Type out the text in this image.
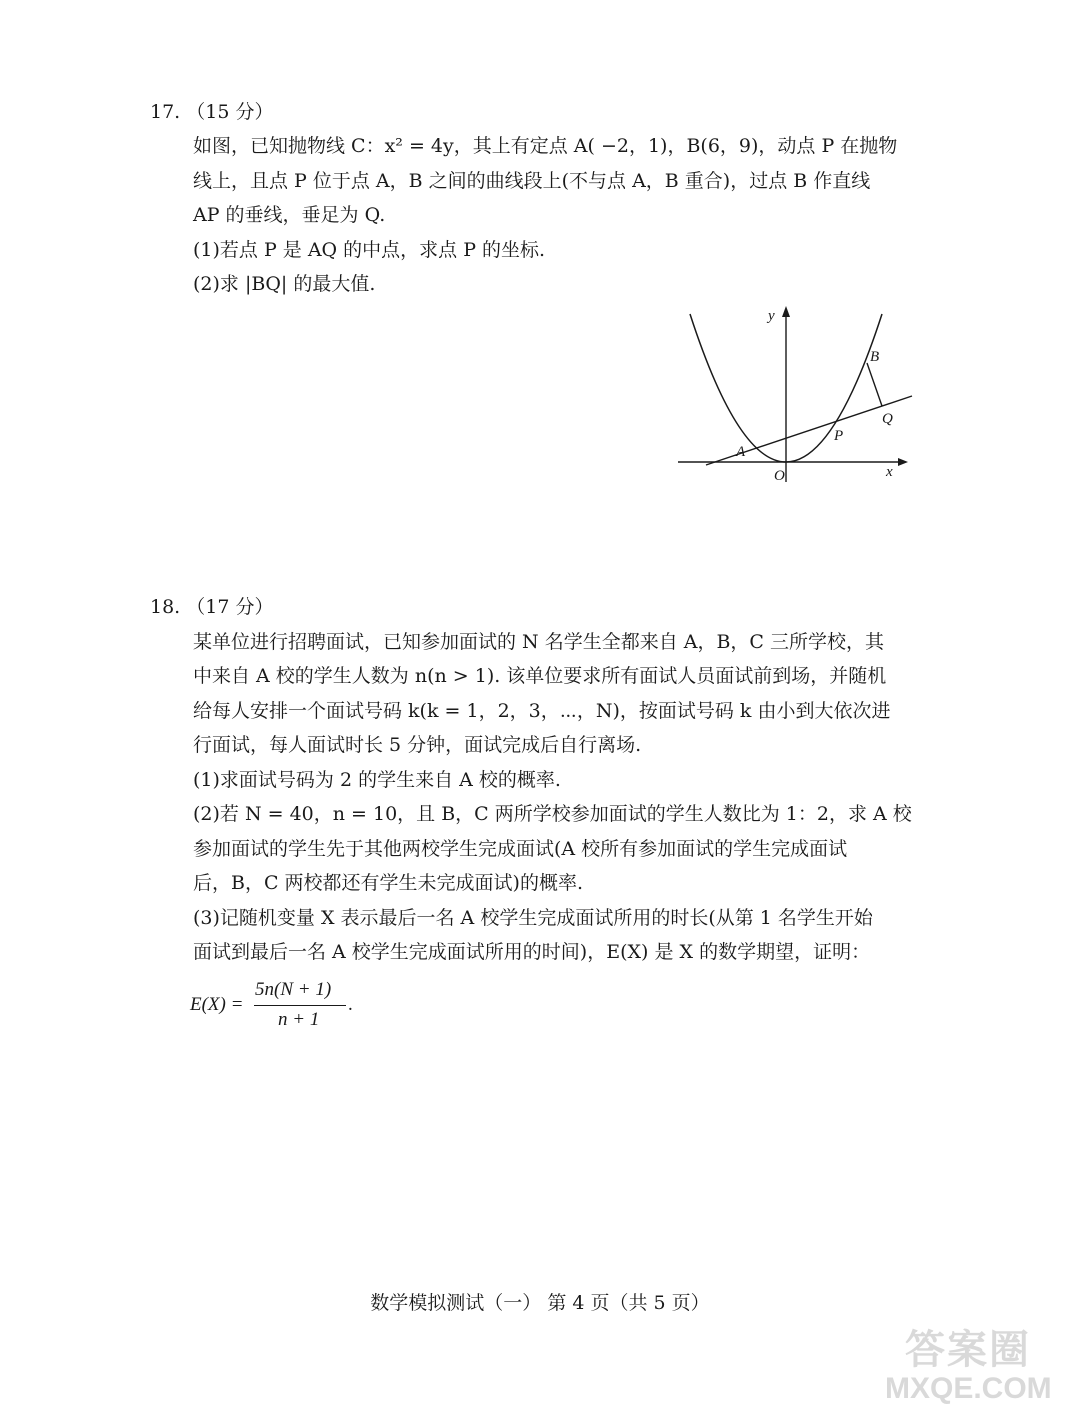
17. （15 分）
如图，已知抛物线 C：x² = 4y，其上有定点 A( −2，1)，B(6，9)，动点 P 在抛物
线上，且点 P 位于点 A，B 之间的曲线段上(不与点 A，B 重合)，过点 B 作直线
AP 的垂线，垂足为 Q.
(1)若点 P 是 AQ 的中点，求点 P 的坐标.
(2)求 |BQ| 的最大值.
y
x
O
A
B
P
Q
18. （17 分）
某单位进行招聘面试，已知参加面试的 N 名学生全都来自 A，B，C 三所学校，其
中来自 A 校的学生人数为 n(n > 1). 该单位要求所有面试人员面试前到场，并随机
给每人安排一个面试号码 k(k = 1，2，3，⋯，N)，按面试号码 k 由小到大依次进
行面试，每人面试时长 5 分钟，面试完成后自行离场.
(1)求面试号码为 2 的学生来自 A 校的概率.
(2)若 N = 40，n = 10，且 B，C 两所学校参加面试的学生人数比为 1：2，求 A 校
参加面试的学生先于其他两校学生完成面试(A 校所有参加面试的学生完成面试
后，B，C 两校都还有学生未完成面试)的概率.
(3)记随机变量 X 表示最后一名 A 校学生完成面试所用的时长(从第 1 名学生开始
面试到最后一名 A 校学生完成面试所用的时间)，E(X) 是 X 的数学期望，证明：
E(X) =
5n(N + 1)
n + 1
.
数学模拟测试（一） 第 4 页（共 5 页）
答案圈
MXQE.COM
